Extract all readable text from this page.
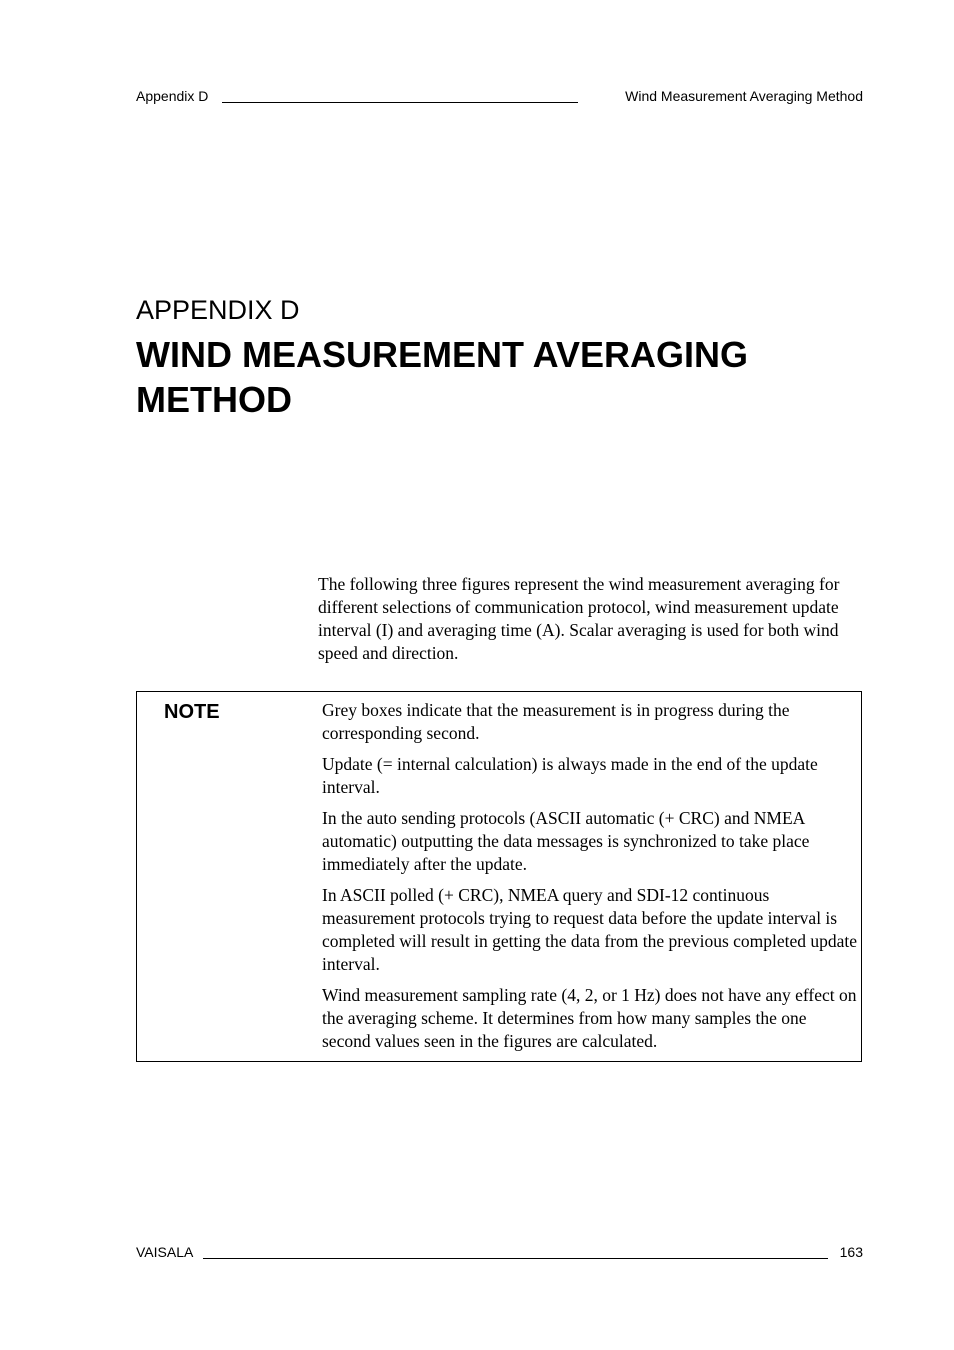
Appendix D	Wind Measurement Averaging Method
APPENDIX D
WIND MEASUREMENT AVERAGING METHOD

The following three figures represent the wind measurement averaging for different selections of communication protocol, wind measurement update interval (I) and averaging time (A). Scalar averaging is used for both wind speed and direction.

NOTE	Grey boxes indicate that the measurement is in progress during the corresponding second.

Update (= internal calculation) is always made in the end of the update interval.

In the auto sending protocols (ASCII automatic (+ CRC) and NMEA automatic) outputting the data messages is synchronized to take place immediately after the update.

In ASCII polled (+ CRC), NMEA query and SDI-12 continuous measurement protocols trying to request data before the update interval is completed will result in getting the data from the previous completed update interval.

Wind measurement sampling rate (4, 2, or 1 Hz) does not have any effect on the averaging scheme. It determines from how many samples the one second values seen in the figures are calculated.

VAISALA	163
